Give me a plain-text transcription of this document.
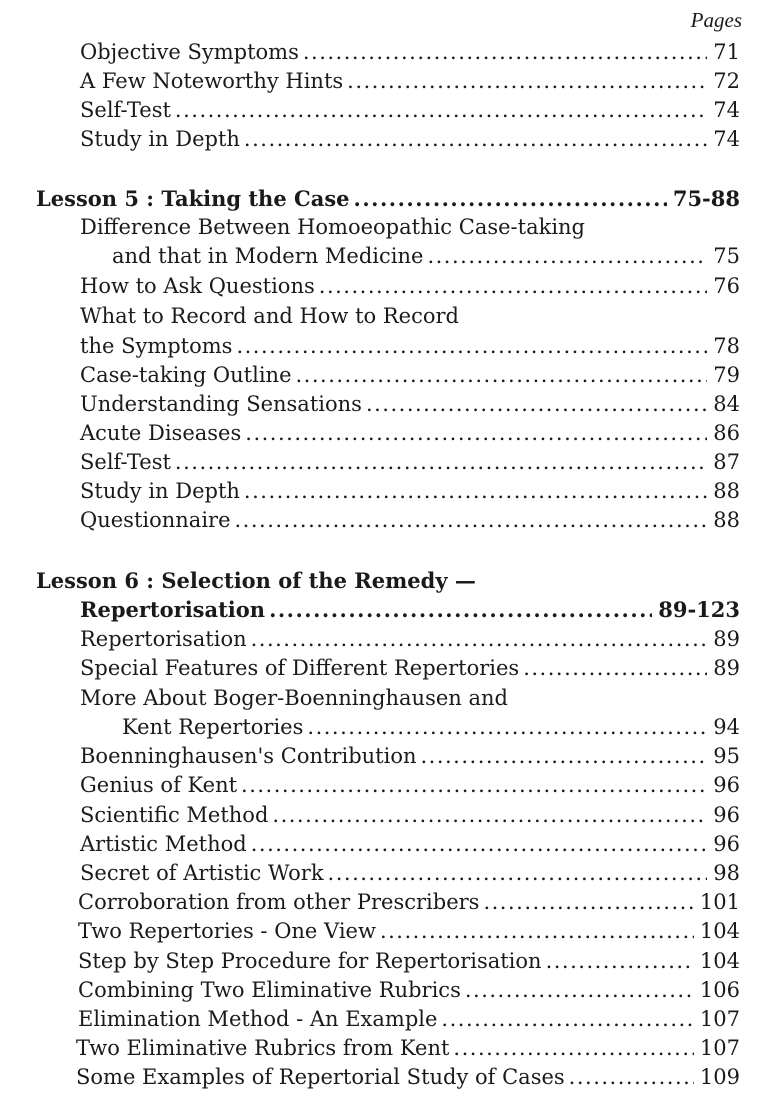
Pages
Objective Symptoms .....	71
A Few Noteworthy Hints .....	72
Self-Test .....	74
Study in Depth .....	74
Lesson 5 : Taking the Case .....	75-88
Difference Between Homoeopathic Case-taking
and that in Modern Medicine .....	75
How to Ask Questions .....	76
What to Record and How to Record
the Symptoms .....	78
Case-taking Outline .....	79
Understanding Sensations .....	84
Acute Diseases .....	86
Self-Test .....	87
Study in Depth .....	88
Questionnaire .....	88
Lesson 6 : Selection of the Remedy —
Repertorisation .....	89-123
Repertorisation .....	89
Special Features of Different Repertories .....	89
More About Boger-Boenninghausen and
Kent Repertories .....	94
Boenninghausen's Contribution .....	95
Genius of Kent .....	96
Scientific Method .....	96
Artistic Method .....	96
Secret of Artistic Work .....	98
Corroboration from other Prescribers .....	101
Two Repertories - One View .....	104
Step by Step Procedure for Repertorisation .....	104
Combining Two Eliminative Rubrics .....	106
Elimination Method - An Example .....	107
Two Eliminative Rubrics from Kent .....	107
Some Examples of Repertorial Study of Cases .....	109
